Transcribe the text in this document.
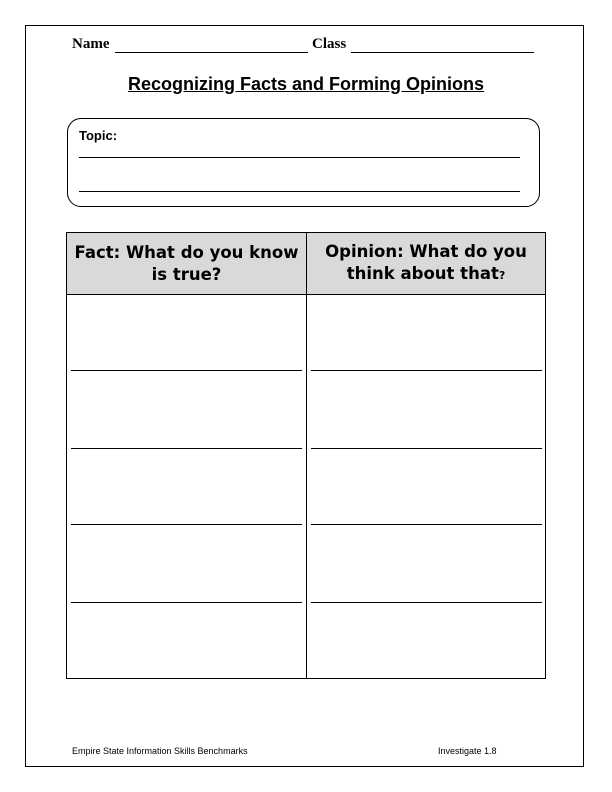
Name	Class
Recognizing Facts and Forming Opinions
Topic:
Fact: What do you know is true?
Opinion: What do you think about that?
Empire State Information Skills Benchmarks	Investigate 1.8
